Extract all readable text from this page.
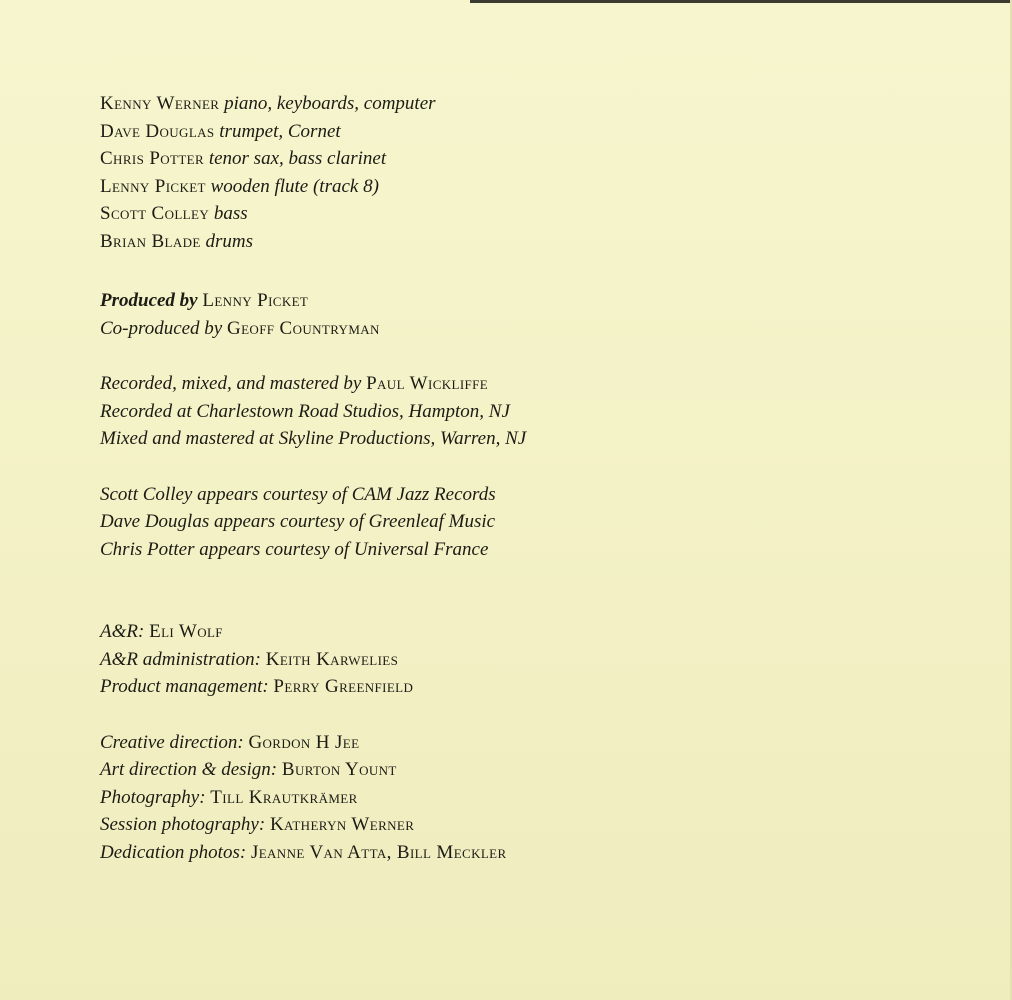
Kenny Werner piano, keyboards, computer
Dave Douglas trumpet, Cornet
Chris Potter tenor sax, bass clarinet
Lenny Picket wooden flute (track 8)
Scott Colley bass
Brian Blade drums
Produced by Lenny Picket
Co-produced by Geoff Countryman
Recorded, mixed, and mastered by Paul Wickliffe
Recorded at Charlestown Road Studios, Hampton, NJ
Mixed and mastered at Skyline Productions, Warren, NJ
Scott Colley appears courtesy of CAM Jazz Records
Dave Douglas appears courtesy of Greenleaf Music
Chris Potter appears courtesy of Universal France
A&R: Eli Wolf
A&R administration: Keith Karwelies
Product management: Perry Greenfield
Creative direction: Gordon H Jee
Art direction & design: Burton Yount
Photography: Till Krautkrämer
Session photography: Katheryn Werner
Dedication photos: Jeanne Van Atta, Bill Meckler
